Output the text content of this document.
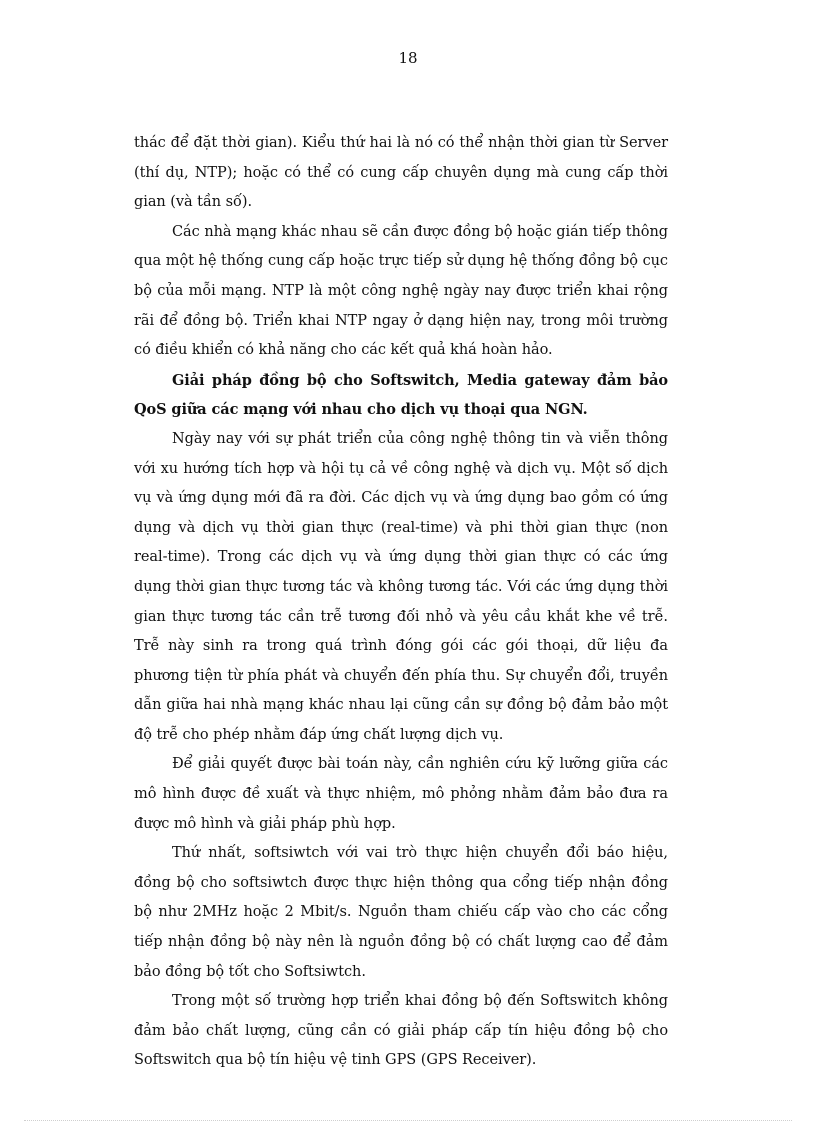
18

thác để đặt thời gian). Kiểu thứ hai là nó có thể nhận thời gian từ Server (thí dụ, NTP); hoặc có thể có cung cấp chuyên dụng mà cung cấp thời gian (và tần số).

Các nhà mạng khác nhau sẽ cần được đồng bộ hoặc gián tiếp thông qua một hệ thống cung cấp hoặc trực tiếp sử dụng hệ thống đồng bộ cục bộ của mỗi mạng. NTP là một công nghệ ngày nay được triển khai rộng rãi để đồng bộ. Triển khai NTP ngay ở dạng hiện nay, trong môi trường có điều khiển có khả năng cho các kết quả khá hoàn hảo.

Giải pháp đồng bộ cho Softswitch, Media gateway đảm bảo QoS giữa các mạng với nhau cho dịch vụ thoại qua NGN.

Ngày nay với sự phát triển của công nghệ thông tin và viễn thông với xu hướng tích hợp và hội tụ cả về công nghệ và dịch vụ. Một số dịch vụ và ứng dụng mới đã ra đời. Các dịch vụ và ứng dụng bao gồm có ứng dụng và dịch vụ thời gian thực (real-time) và phi thời gian thực (non real-time). Trong các dịch vụ và ứng dụng thời gian thực có các ứng dụng thời gian thực tương tác và không tương tác. Với các ứng dụng thời gian thực tương tác cần trễ tương đối nhỏ và yêu cầu khắt khe về trễ. Trễ này sinh ra trong quá trình đóng gói các gói thoại, dữ liệu đa phương tiện từ phía phát và chuyển đến phía thu. Sự chuyển đổi, truyền dẫn giữa hai nhà mạng khác nhau lại cũng cần sự đồng bộ đảm bảo một độ trễ cho phép nhằm đáp ứng chất lượng dịch vụ.

Để giải quyết được bài toán này, cần nghiên cứu kỹ lưỡng giữa các mô hình được đề xuất và thực nhiệm, mô phỏng nhằm đảm bảo đưa ra được mô hình và giải pháp phù hợp.

Thứ nhất, softsiwtch với vai trò thực hiện chuyển đổi báo hiệu, đồng bộ cho softsiwtch được thực hiện thông qua cổng tiếp nhận đồng bộ như 2MHz hoặc 2 Mbit/s. Nguồn tham chiếu cấp vào cho các cổng tiếp nhận đồng bộ này nên là nguồn đồng bộ có chất lượng cao để đảm bảo đồng bộ tốt cho Softsiwtch.

Trong một số trường hợp triển khai đồng bộ đến Softswitch không đảm bảo chất lượng, cũng cần có giải pháp cấp tín hiệu đồng bộ cho Softswitch qua bộ tín hiệu vệ tinh GPS (GPS Receiver).
